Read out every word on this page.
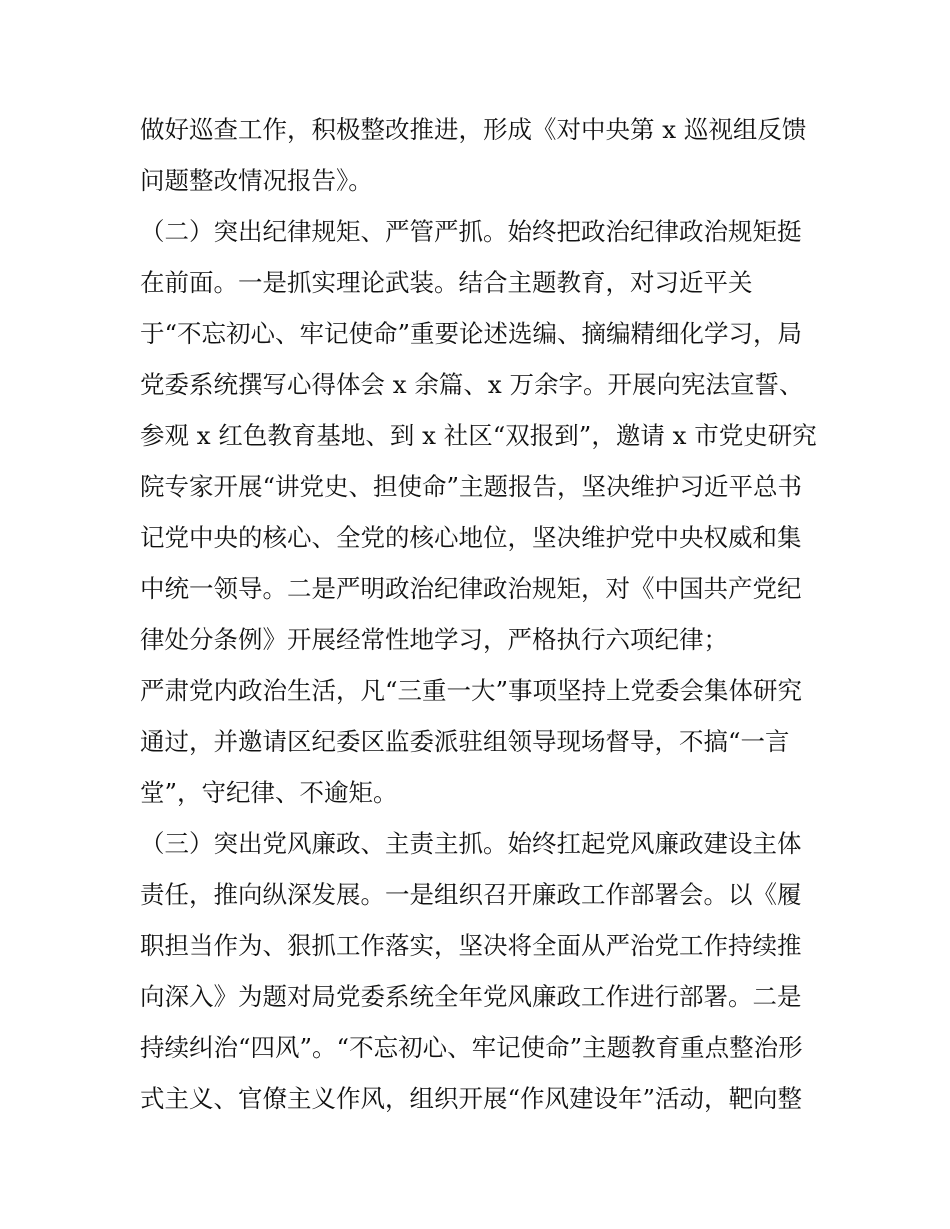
做好巡查工作，积极整改推进，形成《对中央第 x 巡视组反馈
问题整改情况报告》。
（二）突出纪律规矩、严管严抓。始终把政治纪律政治规矩挺
在前面。一是抓实理论武装。结合主题教育，对习近平关
于“不忘初心、牢记使命”重要论述选编、摘编精细化学习，局
党委系统撰写心得体会 x 余篇、x 万余字。开展向宪法宣誓、
参观 x 红色教育基地、到 x 社区“双报到”，邀请 x 市党史研究
院专家开展“讲党史、担使命”主题报告，坚决维护习近平总书
记党中央的核心、全党的核心地位，坚决维护党中央权威和集
中统一领导。二是严明政治纪律政治规矩，对《中国共产党纪
律处分条例》开展经常性地学习，严格执行六项纪律；
严肃党内政治生活，凡“三重一大”事项坚持上党委会集体研究
通过，并邀请区纪委区监委派驻组领导现场督导，不搞“一言
堂”，守纪律、不逾矩。
（三）突出党风廉政、主责主抓。始终扛起党风廉政建设主体
责任，推向纵深发展。一是组织召开廉政工作部署会。以《履
职担当作为、狠抓工作落实，坚决将全面从严治党工作持续推
向深入》为题对局党委系统全年党风廉政工作进行部署。二是
持续纠治“四风”。“不忘初心、牢记使命”主题教育重点整治形
式主义、官僚主义作风，组织开展“作风建设年”活动，靶向整
